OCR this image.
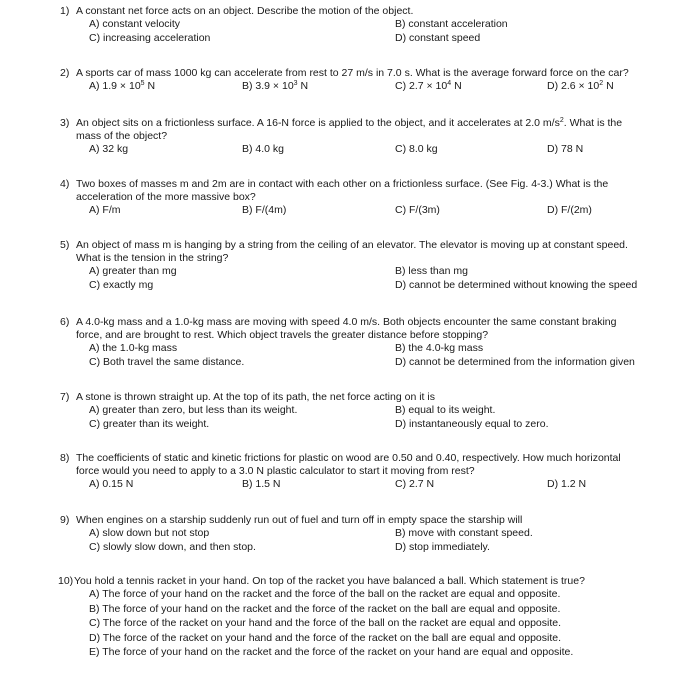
1) A constant net force acts on an object. Describe the motion of the object.

A) constant velocity	B) constant acceleration
C) increasing acceleration	D) constant speed

2) A sports car of mass 1000 kg can accelerate from rest to 27 m/s in 7.0 s. What is the average forward force on the car?

A) $1.9 \times 10^5$ N	B) $3.9 \times 10^3$ N	C) $2.7 \times 10^4$ N	D) $2.6 \times 10^2$ N

3) An object sits on a frictionless surface. A 16-N force is applied to the object, and it accelerates at 2.0 $m/s^2$. What is the

mass of the object?

A) 32 kg	B) 4.0 kg	C) 8.0 kg	D) 78 N

4) Two boxes of masses m and 2m are in contact with each other on a frictionless surface. (See Fig. 4-3.) What is the

acceleration of the more massive box?

A) F/m	B) F/(4m)	C) F/(3m)	D) F/(2m)

5) An object of mass m is hanging by a string from the ceiling of an elevator. The elevator is moving up at constant speed.

What is the tension in the string?

A) greater than mg	B) less than mg
C) exactly mg	D) cannot be determined without knowing the speed

6) A 4.0-kg mass and a 1.0-kg mass are moving with speed 4.0 m/s. Both objects encounter the same constant braking

force, and are brought to rest. Which object travels the greater distance before stopping?

A) the 1.0-kg mass	B) the 4.0-kg mass
C) Both travel the same distance.	D) cannot be determined from the information given

7) A stone is thrown straight up. At the top of its path, the net force acting on it is

A) greater than zero, but less than its weight.	B) equal to its weight.
C) greater than its weight.	D) instantaneously equal to zero.

8) The coefficients of static and kinetic frictions for plastic on wood are 0.50 and 0.40, respectively. How much horizontal

force would you need to apply to a 3.0 N plastic calculator to start it moving from rest?

A) 0.15 N	B) 1.5 N	C) 2.7 N	D) 1.2 N

9) When engines on a starship suddenly run out of fuel and turn off in empty space the starship will

A) slow down but not stop	B) move with constant speed.
C) slowly slow down, and then stop.	D) stop immediately.

10)You hold a tennis racket in your hand. On top of the racket you have balanced a ball. Which statement is true?

A) The force of your hand on the racket and the force of the ball on the racket are equal and opposite.
B) The force of your hand on the racket and the force of the racket on the ball are equal and opposite.
C) The force of the racket on your hand and the force of the ball on the racket are equal and opposite.
D) The force of the racket on your hand and the force of the racket on the ball are equal and opposite.
E) The force of your hand on the racket and the force of the racket on your hand are equal and opposite.
